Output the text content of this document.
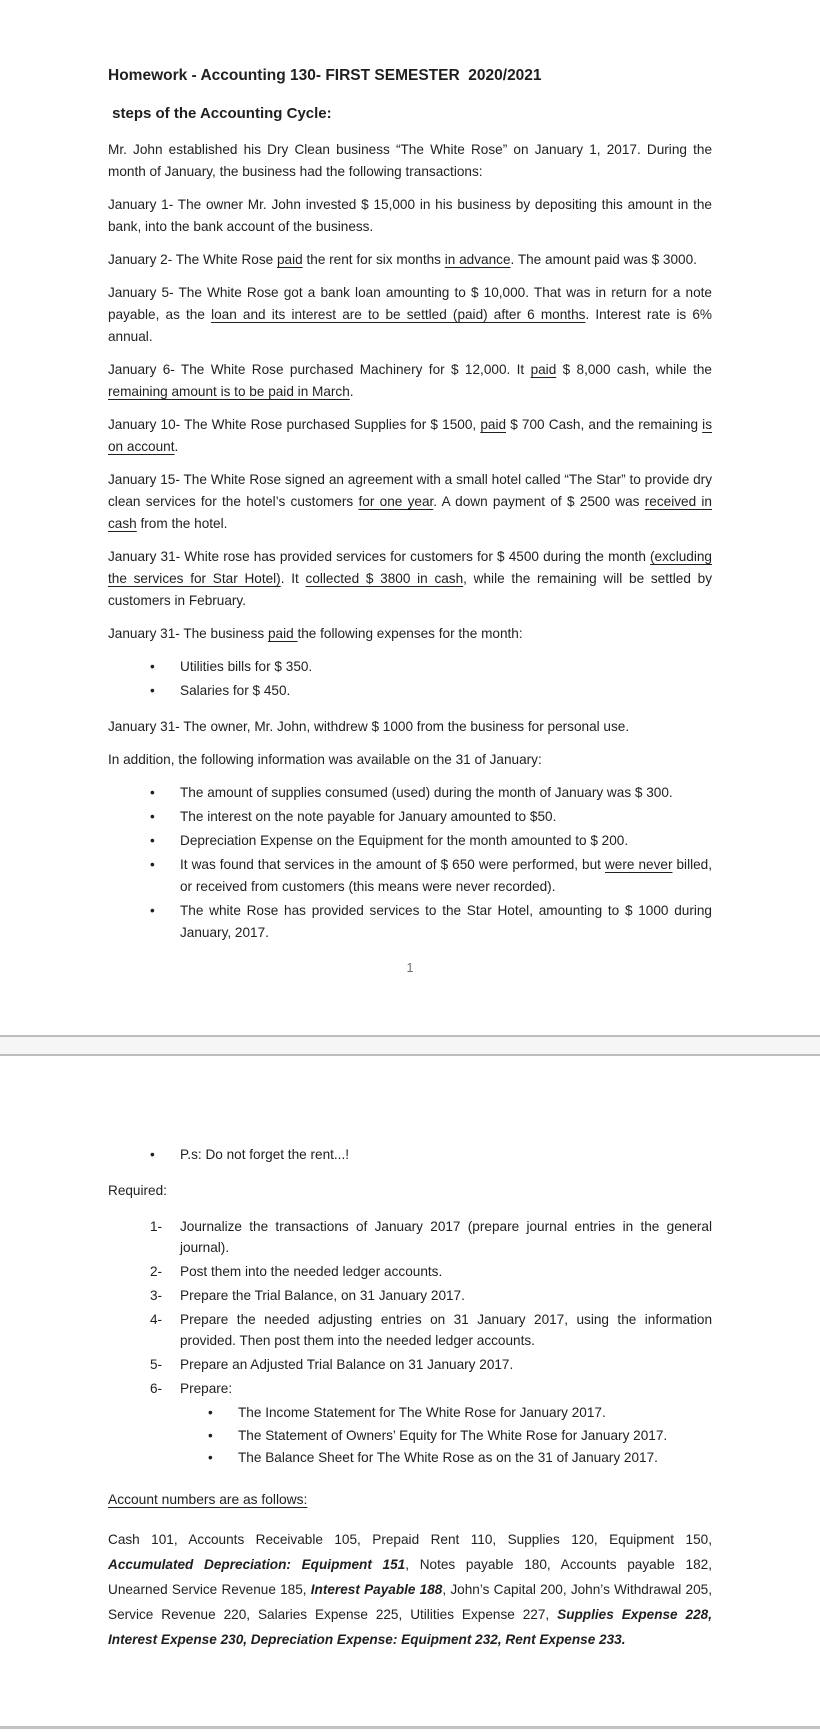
Homework - Accounting 130- FIRST SEMESTER  2020/2021
steps of the Accounting Cycle:

Mr. John established his Dry Clean business “The White Rose” on January 1, 2017. During the month of January, the business had the following transactions:

January 1- The owner Mr. John invested $ 15,000 in his business by depositing this amount in the bank, into the bank account of the business.

January 2- The White Rose paid the rent for six months in advance. The amount paid was $ 3000.

January 5- The White Rose got a bank loan amounting to $ 10,000. That was in return for a note payable, as the loan and its interest are to be settled (paid) after 6 months. Interest rate is 6% annual.

January 6- The White Rose purchased Machinery for $ 12,000. It paid $ 8,000 cash, while the remaining amount is to be paid in March.

January 10- The White Rose purchased Supplies for $ 1500, paid $ 700 Cash, and the remaining is on account.

January 15- The White Rose signed an agreement with a small hotel called “The Star” to provide dry clean services for the hotel’s customers for one year. A down payment of $ 2500 was received in cash from the hotel.

January 31- White rose has provided services for customers for $ 4500 during the month (excluding the services for Star Hotel). It collected $ 3800 in cash, while the remaining will be settled by customers in February.

January 31- The business paid the following expenses for the month:

•	Utilities bills for $ 350.
•	Salaries for $ 450.

January 31- The owner, Mr. John, withdrew $ 1000 from the business for personal use.

In addition, the following information was available on the 31 of January:

•	The amount of supplies consumed (used) during the month of January was $ 300.
•	The interest on the note payable for January amounted to $50.
•	Depreciation Expense on the Equipment for the month amounted to $ 200.
•	It was found that services in the amount of $ 650 were performed, but were never billed, or received from customers (this means were never recorded).
•	The white Rose has provided services to the Star Hotel, amounting to $ 1000 during January, 2017.
1
•	P.s: Do not forget the rent...!

Required:

1-	Journalize the transactions of January 2017 (prepare journal entries in the general journal).
2-	Post them into the needed ledger accounts.
3-	Prepare the Trial Balance, on 31 January 2017.
4-	Prepare the needed adjusting entries on 31 January 2017, using the information provided. Then post them into the needed ledger accounts.
5-	Prepare an Adjusted Trial Balance on 31 January 2017.
6-	Prepare:
•	The Income Statement for The White Rose for January 2017.
•	The Statement of Owners’ Equity for The White Rose for January 2017.
•	The Balance Sheet for The White Rose as on the 31 of January 2017.

Account numbers are as follows:

Cash 101, Accounts Receivable 105, Prepaid Rent 110, Supplies 120, Equipment 150, Accumulated Depreciation: Equipment 151, Notes payable 180, Accounts payable 182, Unearned Service Revenue 185, Interest Payable 188, John’s Capital 200, John’s Withdrawal 205, Service Revenue 220, Salaries Expense 225, Utilities Expense 227, Supplies Expense 228, Interest Expense 230, Depreciation Expense: Equipment 232, Rent Expense 233.
